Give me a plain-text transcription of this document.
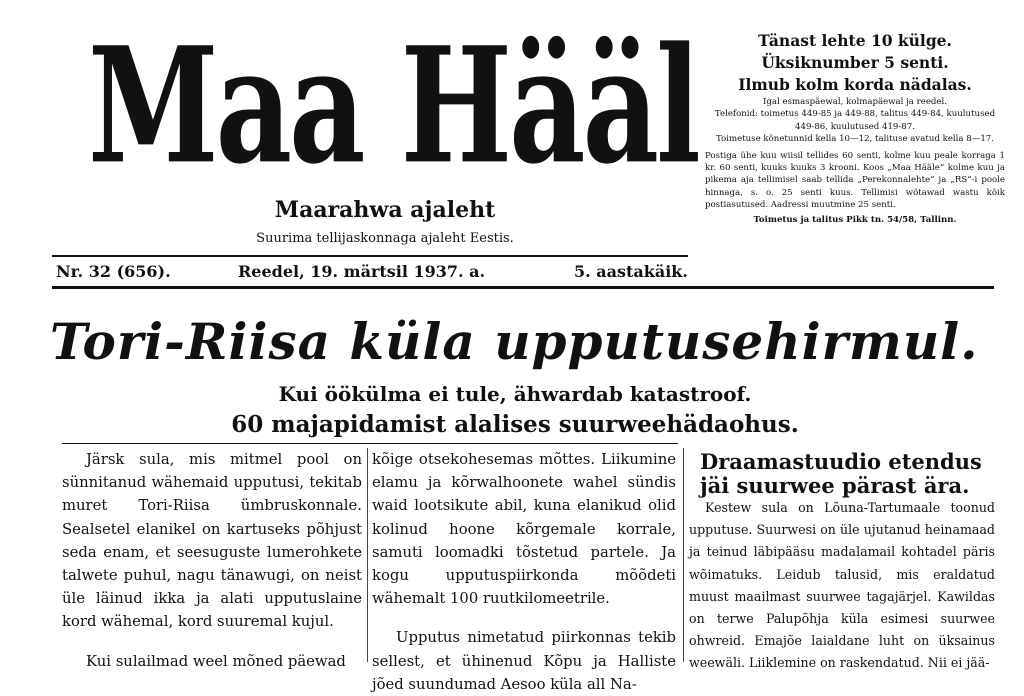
Maa Hääl
Maarahwa ajaleht
Suurima tellijaskonnaga ajaleht Eestis.
Nr. 32 (656).	Reedel, 19. märtsil 1937. a.	5. aastakäik.
Tänast lehte 10 külge.
Üksiknumber 5 senti.
Ilmub kolm korda nädalas.
Igal esmaspäewal, kolmapäewal ja reedel.
Telefonid: toimetus 449-85 ja 449-88, talitus 449-84, kuulutused 449-86, kuulutused 419-87.
Toimetuse kõnetunnid kella 10—12, talituse avatud kella 8—17.
Postiga ühe kuu wiisil tellides 60 senti, kolme kuu peale korraga 1 kr. 60 senti, kuuks kuuks 3 krooni. Koos „Maa Hääle“ kolme kuu ja pikema aja tellimisel saab tellida „Perekonnalehte“ ja „RS“-i poole hinnaga, s. o. 25 senti kuus. Tellimisi wõtawad wastu kõik postiasutused. Aadressi muutmine 25 senti.
Toimetus ja talitus Pikk tn. 54/58, Tallinn.
Tori-Riisa küla upputusehirmul.
Kui öökülma ei tule, ähwardab katastroof.
60 majapidamist alalises suurweehädaohus.

Järsk sula, mis mitmel pool on sünnitanud wähemaid upputusi, tekitab muret Tori-Riisa ümbruskonnale. Sealsetel elanikel on kartuseks põhjust seda enam, et seesuguste lumerohkete talwete puhul, nagu tänawugi, on neist üle läinud ikka ja alati upputuslaine kord wähemal, kord suuremal kujul.

Kui sulailmad weel mõned päewad

kõige otsekohesemas mõttes. Liikumine elamu ja kõrwalhoonete wahel sündis waid lootsikute abil, kuna elanikud olid kolinud hoone kõrgemale korrale, samuti loomadki tõstetud partele. Ja kogu upputuspiirkonda mõõdeti wähemalt 100 ruutkilomeetrile.

Upputus nimetatud piirkonnas tekib sellest, et ühinenud Kõpu ja Halliste jõed suundumad Aesoo küla all Na-

Draamastuudio etendus jäi suurwee pärast ära.

Kestew sula on Lõuna-Tartumaale toonud upputuse. Suurwesi on üle ujutanud heinamaad ja teinud läbipääsu madalamail kohtadel päris wõimatuks. Leidub talusid, mis eraldatud muust maailmast suurwee tagajärjel. Kawildas on terwe Palupõhja küla esimesi suurwee ohwreid. Emajõe laialdane luht on üksainus weewäli. Liiklemine on raskendatud. Nii ei jää-
